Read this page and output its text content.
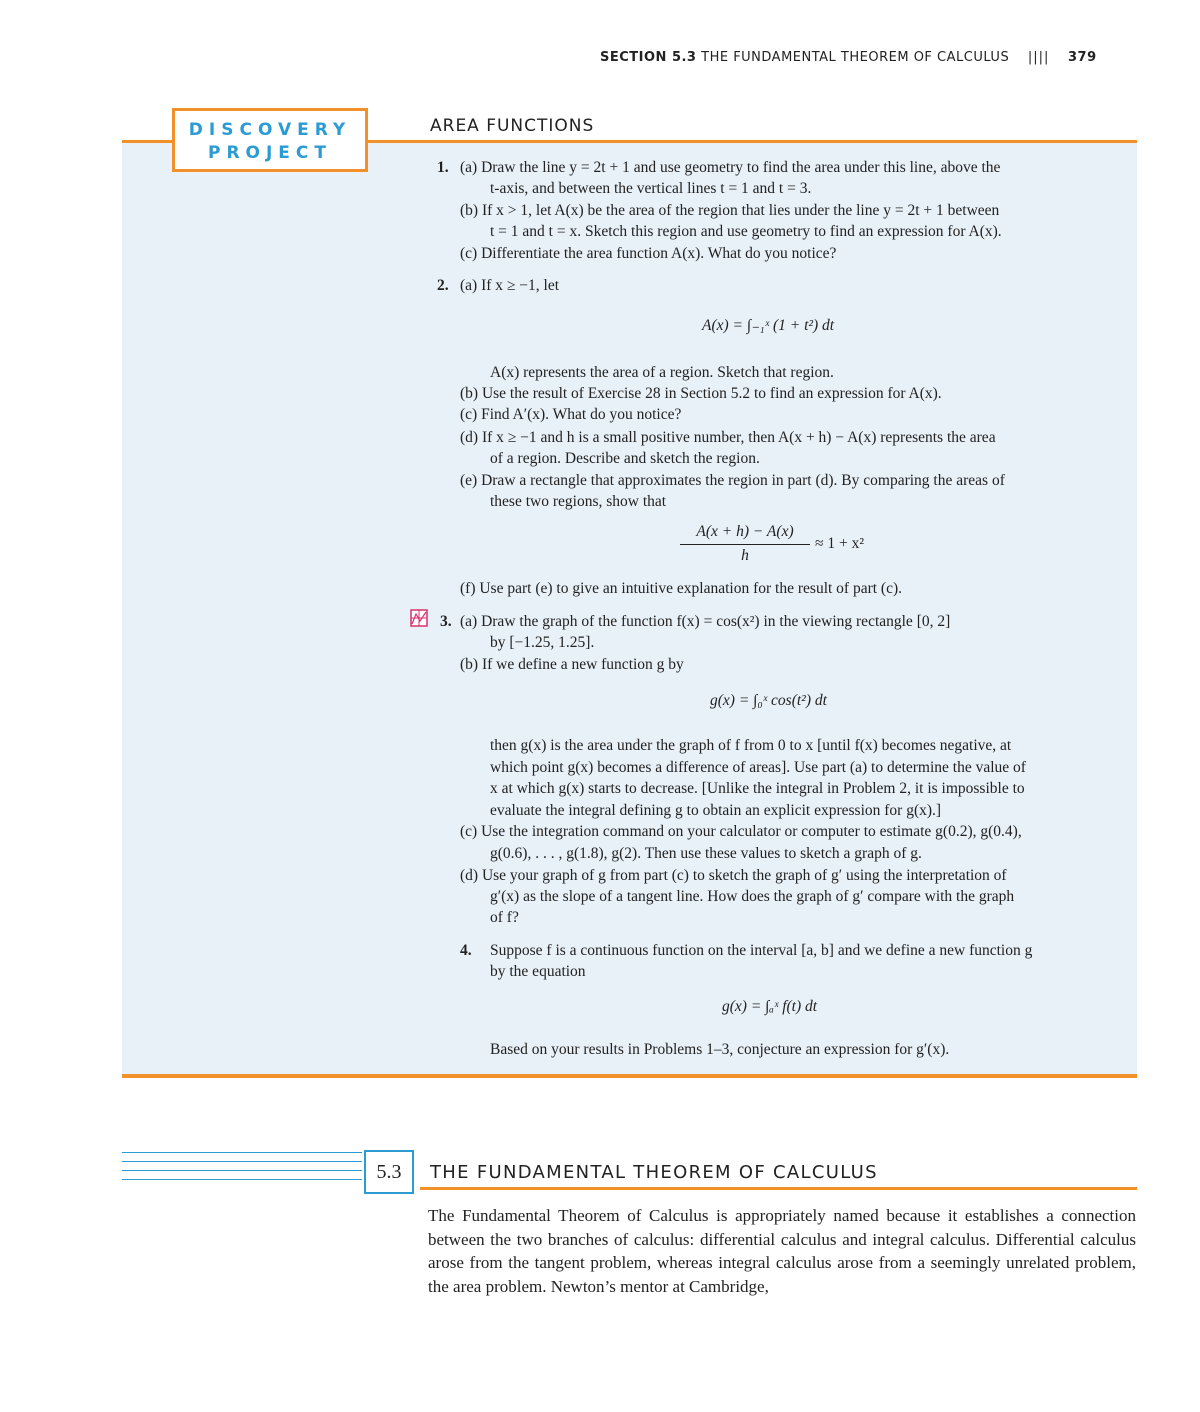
SECTION 5.3 THE FUNDAMENTAL THEOREM OF CALCULUS |||| 379
DISCOVERY
PROJECT
AREA FUNCTIONS
1. (a) Draw the line y = 2t + 1 and use geometry to find the area under this line, above the
t-axis, and between the vertical lines t = 1 and t = 3.
(b) If x > 1, let A(x) be the area of the region that lies under the line y = 2t + 1 between
t = 1 and t = x. Sketch this region and use geometry to find an expression for A(x).
(c) Differentiate the area function A(x). What do you notice?
2. (a) If x ≥ −1, let
A(x) = ∫₋₁ˣ (1 + t²) dt
A(x) represents the area of a region. Sketch that region.
(b) Use the result of Exercise 28 in Section 5.2 to find an expression for A(x).
(c) Find A′(x). What do you notice?
(d) If x ≥ −1 and h is a small positive number, then A(x + h) − A(x) represents the area
of a region. Describe and sketch the region.
(e) Draw a rectangle that approximates the region in part (d). By comparing the areas of
these two regions, show that
A(x + h) − A(x)
h
≈ 1 + x²
(f) Use part (e) to give an intuitive explanation for the result of part (c).
3. (a) Draw the graph of the function f(x) = cos(x²) in the viewing rectangle [0, 2]
by [−1.25, 1.25].
(b) If we define a new function g by
g(x) = ∫₀ˣ cos(t²) dt
then g(x) is the area under the graph of f from 0 to x [until f(x) becomes negative, at
which point g(x) becomes a difference of areas]. Use part (a) to determine the value of
x at which g(x) starts to decrease. [Unlike the integral in Problem 2, it is impossible to
evaluate the integral defining g to obtain an explicit expression for g(x).]
(c) Use the integration command on your calculator or computer to estimate g(0.2), g(0.4),
g(0.6), . . . , g(1.8), g(2). Then use these values to sketch a graph of g.
(d) Use your graph of g from part (c) to sketch the graph of g′ using the interpretation of
g′(x) as the slope of a tangent line. How does the graph of g′ compare with the graph
of f?
4. Suppose f is a continuous function on the interval [a, b] and we define a new function g
by the equation
g(x) = ∫ₐˣ f(t) dt
Based on your results in Problems 1–3, conjecture an expression for g′(x).
5.3	THE FUNDAMENTAL THEOREM OF CALCULUS
The Fundamental Theorem of Calculus is appropriately named because it establishes a connection between the two branches of calculus: differential calculus and integral calculus. Differential calculus arose from the tangent problem, whereas integral calculus arose from a seemingly unrelated problem, the area problem. Newton’s mentor at Cambridge,
